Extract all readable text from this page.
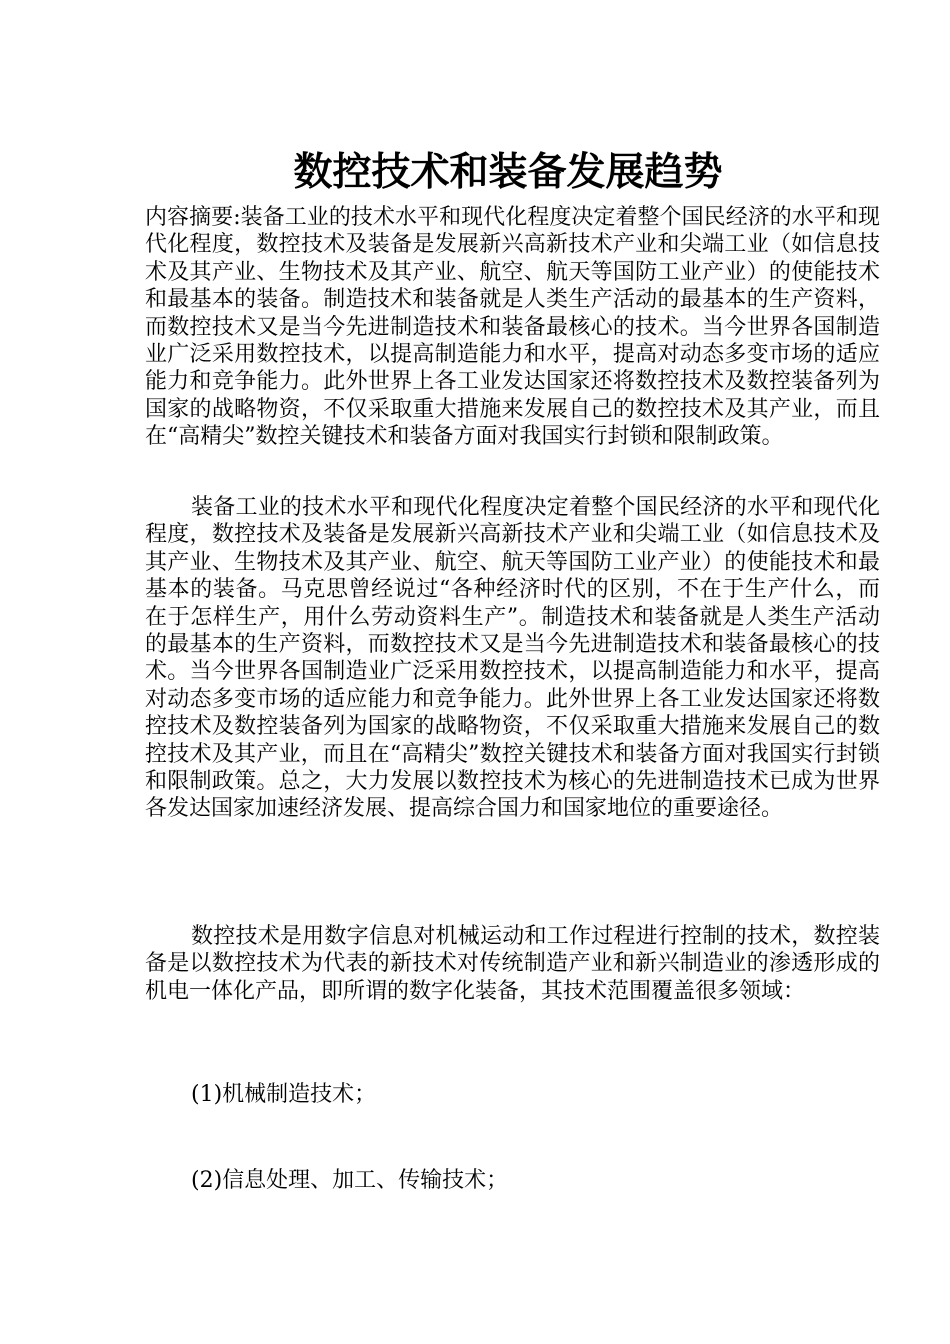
数控技术和装备发展趋势

内容摘要:装备工业的技术水平和现代化程度决定着整个国民经济的水平和现代化程度，数控技术及装备是发展新兴高新技术产业和尖端工业（如信息技术及其产业、生物技术及其产业、航空、航天等国防工业产业）的使能技术和最基本的装备。制造技术和装备就是人类生产活动的最基本的生产资料，而数控技术又是当今先进制造技术和装备最核心的技术。当今世界各国制造业广泛采用数控技术，以提高制造能力和水平，提高对动态多变市场的适应能力和竞争能力。此外世界上各工业发达国家还将数控技术及数控装备列为国家的战略物资，不仅采取重大措施来发展自己的数控技术及其产业，而且在“高精尖”数控关键技术和装备方面对我国实行封锁和限制政策。

装备工业的技术水平和现代化程度决定着整个国民经济的水平和现代化程度，数控技术及装备是发展新兴高新技术产业和尖端工业（如信息技术及其产业、生物技术及其产业、航空、航天等国防工业产业）的使能技术和最基本的装备。马克思曾经说过“各种经济时代的区别，不在于生产什么，而在于怎样生产，用什么劳动资料生产”。制造技术和装备就是人类生产活动的最基本的生产资料，而数控技术又是当今先进制造技术和装备最核心的技术。当今世界各国制造业广泛采用数控技术，以提高制造能力和水平，提高对动态多变市场的适应能力和竞争能力。此外世界上各工业发达国家还将数控技术及数控装备列为国家的战略物资，不仅采取重大措施来发展自己的数控技术及其产业，而且在“高精尖”数控关键技术和装备方面对我国实行封锁和限制政策。总之，大力发展以数控技术为核心的先进制造技术已成为世界各发达国家加速经济发展、提高综合国力和国家地位的重要途径。

数控技术是用数字信息对机械运动和工作过程进行控制的技术，数控装备是以数控技术为代表的新技术对传统制造产业和新兴制造业的渗透形成的机电一体化产品，即所谓的数字化装备，其技术范围覆盖很多领域：

(1)机械制造技术；

(2)信息处理、加工、传输技术；
